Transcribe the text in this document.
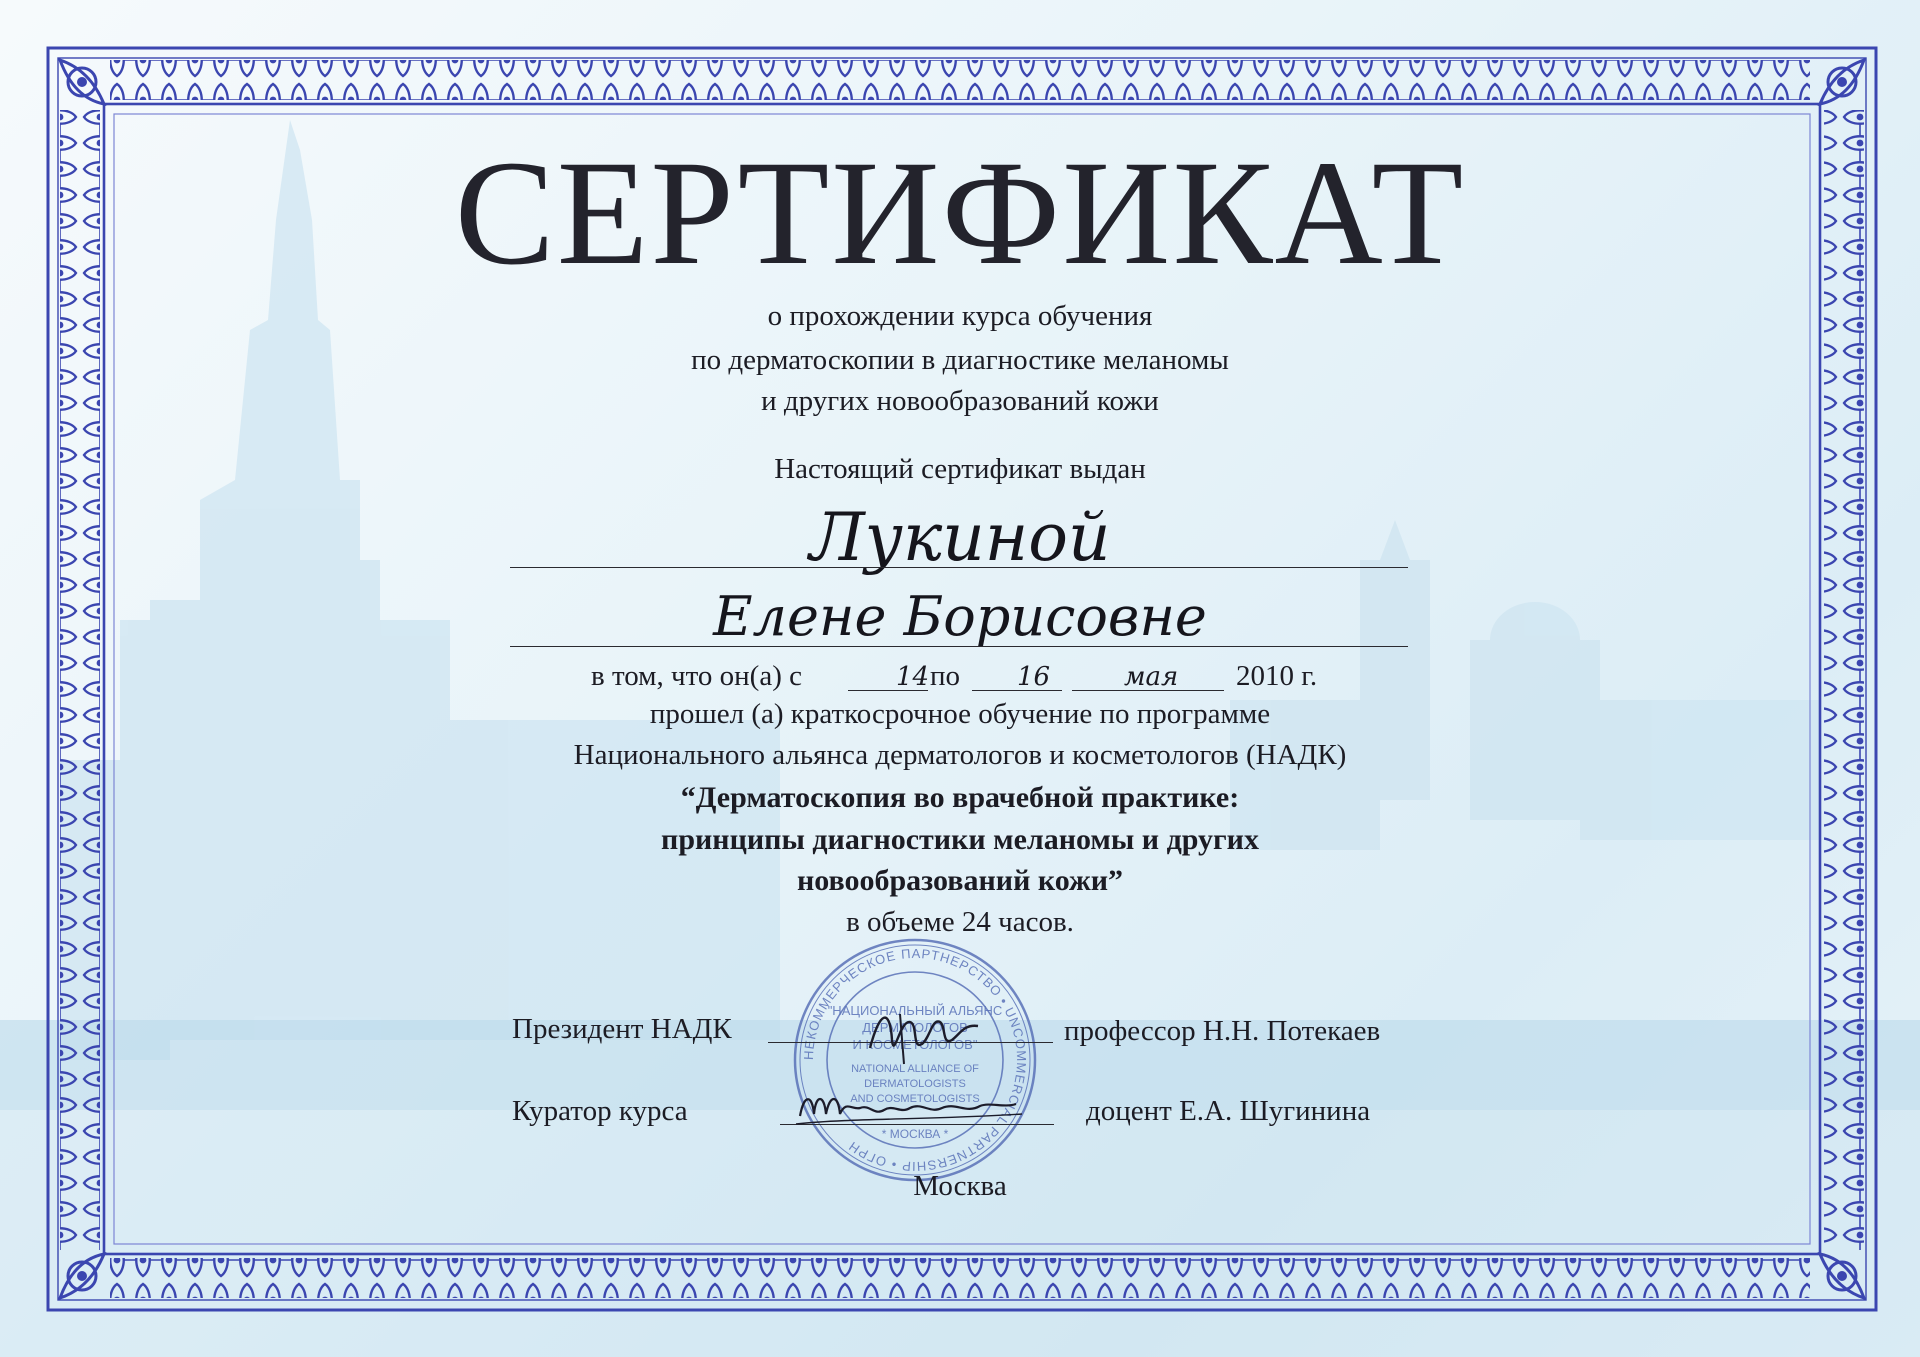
СЕРТИФИКАТ
о прохождении курса обучения
по дерматоскопии в диагностике меланомы
и других новообразований кожи
Настоящий сертификат выдан
Лукиной
Елене Борисовне
в том, что он(а) с	14 по 16	мая 2010 г.
прошел (а) краткосрочное обучение по программе
Национального альянса дерматологов и косметологов (НАДК)
“Дерматоскопия во врачебной практике:
принципы диагностики меланомы и других
новообразований кожи”
в объеме 24 часов.
НЕКОММЕРЧЕСКОЕ ПАРТНЕРСТВО • UNCOMMERCIAL PARTNERSHIP • ОГРН
"НАЦИОНАЛЬНЫЙ АЛЬЯНС
ДЕРМАТОЛОГОВ
И КОСМЕТОЛОГОВ"
NATIONAL ALLIANCE OF
DERMATOLOGISTS
AND COSMETOLOGISTS
* МОСКВА *
Президент НАДК	профессор Н.Н. Потекаев
Куратор курса	доцент Е.А. Шугинина
Москва
